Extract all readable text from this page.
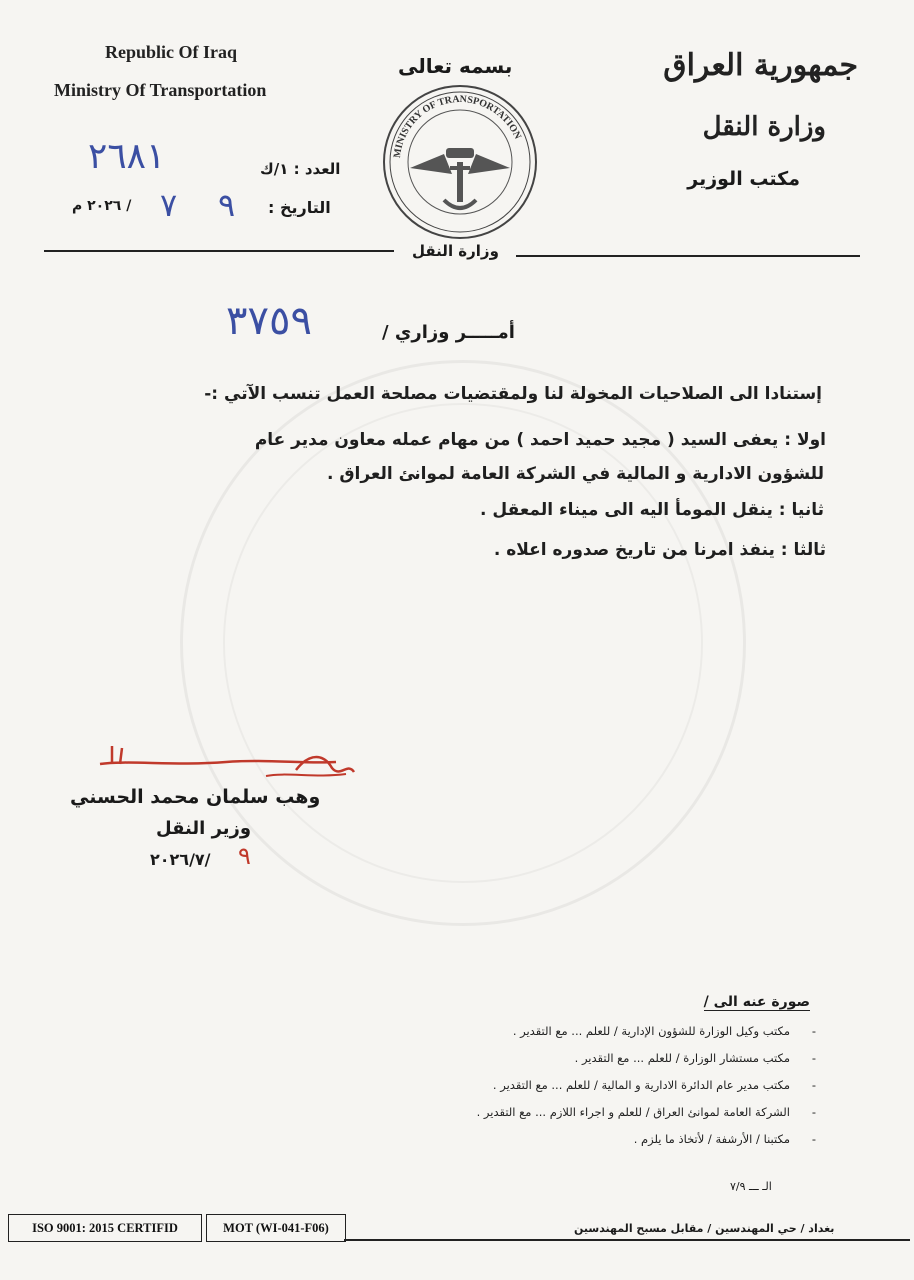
Republic Of Iraq
Ministry Of Transportation
بسمه تعالى	جمهورية العراق
وزارة النقل
مكتب الوزير
العدد : ١/ك
٢٦٨١
التاريخ :
٩
٧
/ ٢٠٢٦ م
MINISTRY OF TRANSPORTATION
وزارة النقل
أمـــــر وزاري /
٣٧٥٩
إستنادا الى الصلاحيات المخولة لنا ولمقتضيات مصلحة العمل تنسب الآتي :-
اولا : يعفى السيد ( مجيد حميد احمد ) من مهام عمله معاون مدير عام
للشؤون الادارية و المالية في الشركة العامة لموانئ العراق .
ثانيا : ينقل المومأ اليه الى ميناء المعقل .
ثالثا : ينفذ امرنا من تاريخ صدوره اعلاه .
وهب سلمان محمد الحسني
وزير النقل
٢٠٢٦/٧/ ٩
صورة عنه الى /
-
مكتب وكيل الوزارة للشؤون الإدارية / للعلم ... مع التقدير .
-
مكتب مستشار الوزارة / للعلم ... مع التقدير .
-
مكتب مدير عام الدائرة الادارية و المالية / للعلم ... مع التقدير .
-
الشركة العامة لموانئ العراق / للعلم و اجراء اللازم ... مع التقدير .
-
مكتبنا / الأرشفة / لأتخاذ ما يلزم .
الـ ـــ ٧/٩
ISO 9001: 2015 CERTIFID	MOT (WI-041-F06)	بغداد / حي المهندسين / مقابل مسبح المهندسين
